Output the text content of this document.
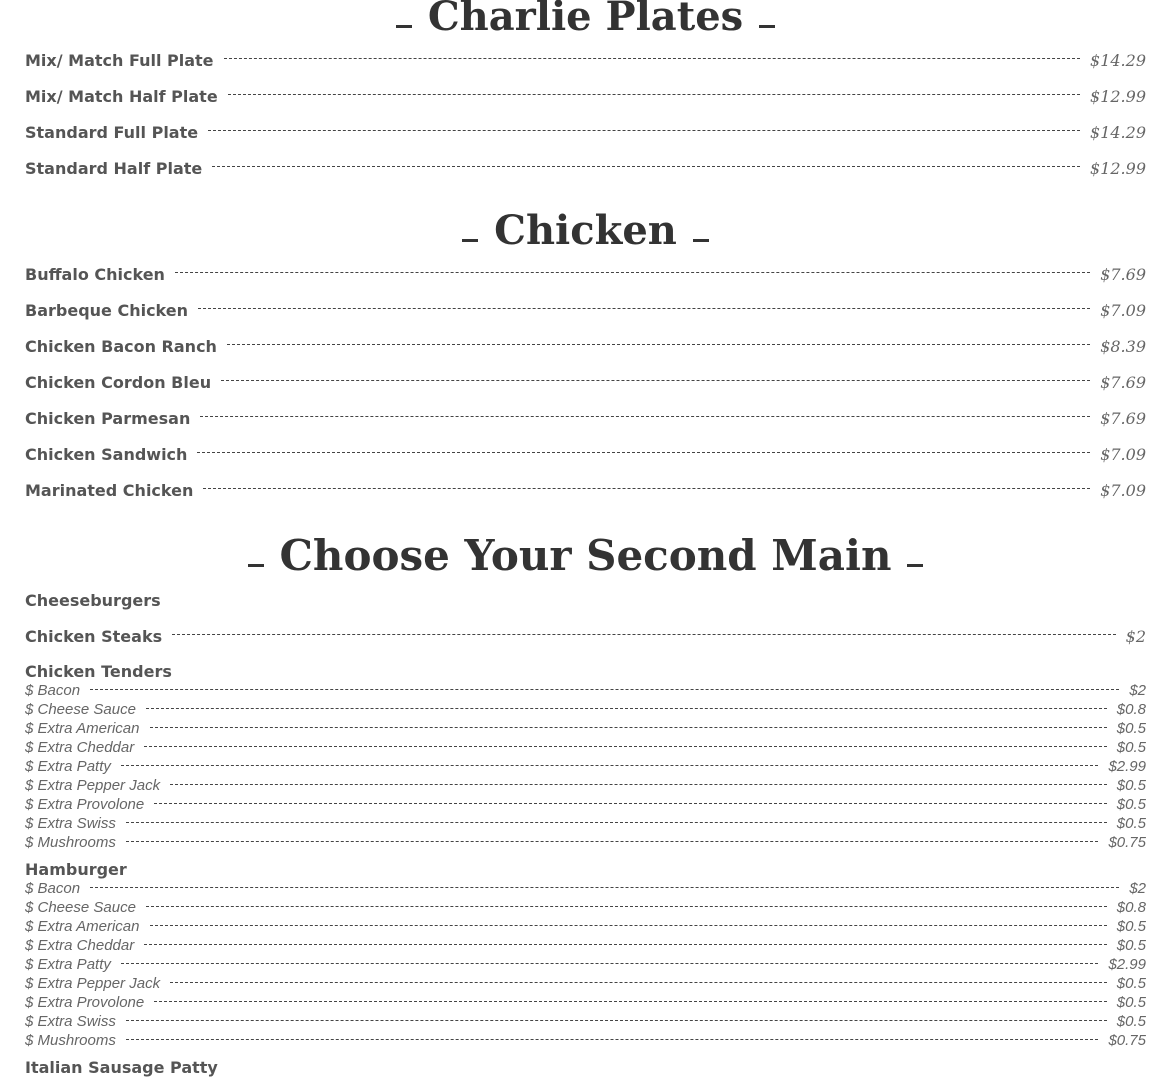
Charlie Plates
Mix/ Match Full Plate	$14.29
Mix/ Match Half Plate	$12.99
Standard Full Plate	$14.29
Standard Half Plate	$12.99
Chicken
Buffalo Chicken	$7.69
Barbeque Chicken	$7.09
Chicken Bacon Ranch	$8.39
Chicken Cordon Bleu	$7.69
Chicken Parmesan	$7.69
Chicken Sandwich	$7.09
Marinated Chicken	$7.09
Choose Your Second Main
Cheeseburgers
Chicken Steaks	$2
Chicken Tenders
$ Bacon	$2
$ Cheese Sauce	$0.8
$ Extra American	$0.5
$ Extra Cheddar	$0.5
$ Extra Patty	$2.99
$ Extra Pepper Jack	$0.5
$ Extra Provolone	$0.5
$ Extra Swiss	$0.5
$ Mushrooms	$0.75
Hamburger
$ Bacon	$2
$ Cheese Sauce	$0.8
$ Extra American	$0.5
$ Extra Cheddar	$0.5
$ Extra Patty	$2.99
$ Extra Pepper Jack	$0.5
$ Extra Provolone	$0.5
$ Extra Swiss	$0.5
$ Mushrooms	$0.75
Italian Sausage Patty
